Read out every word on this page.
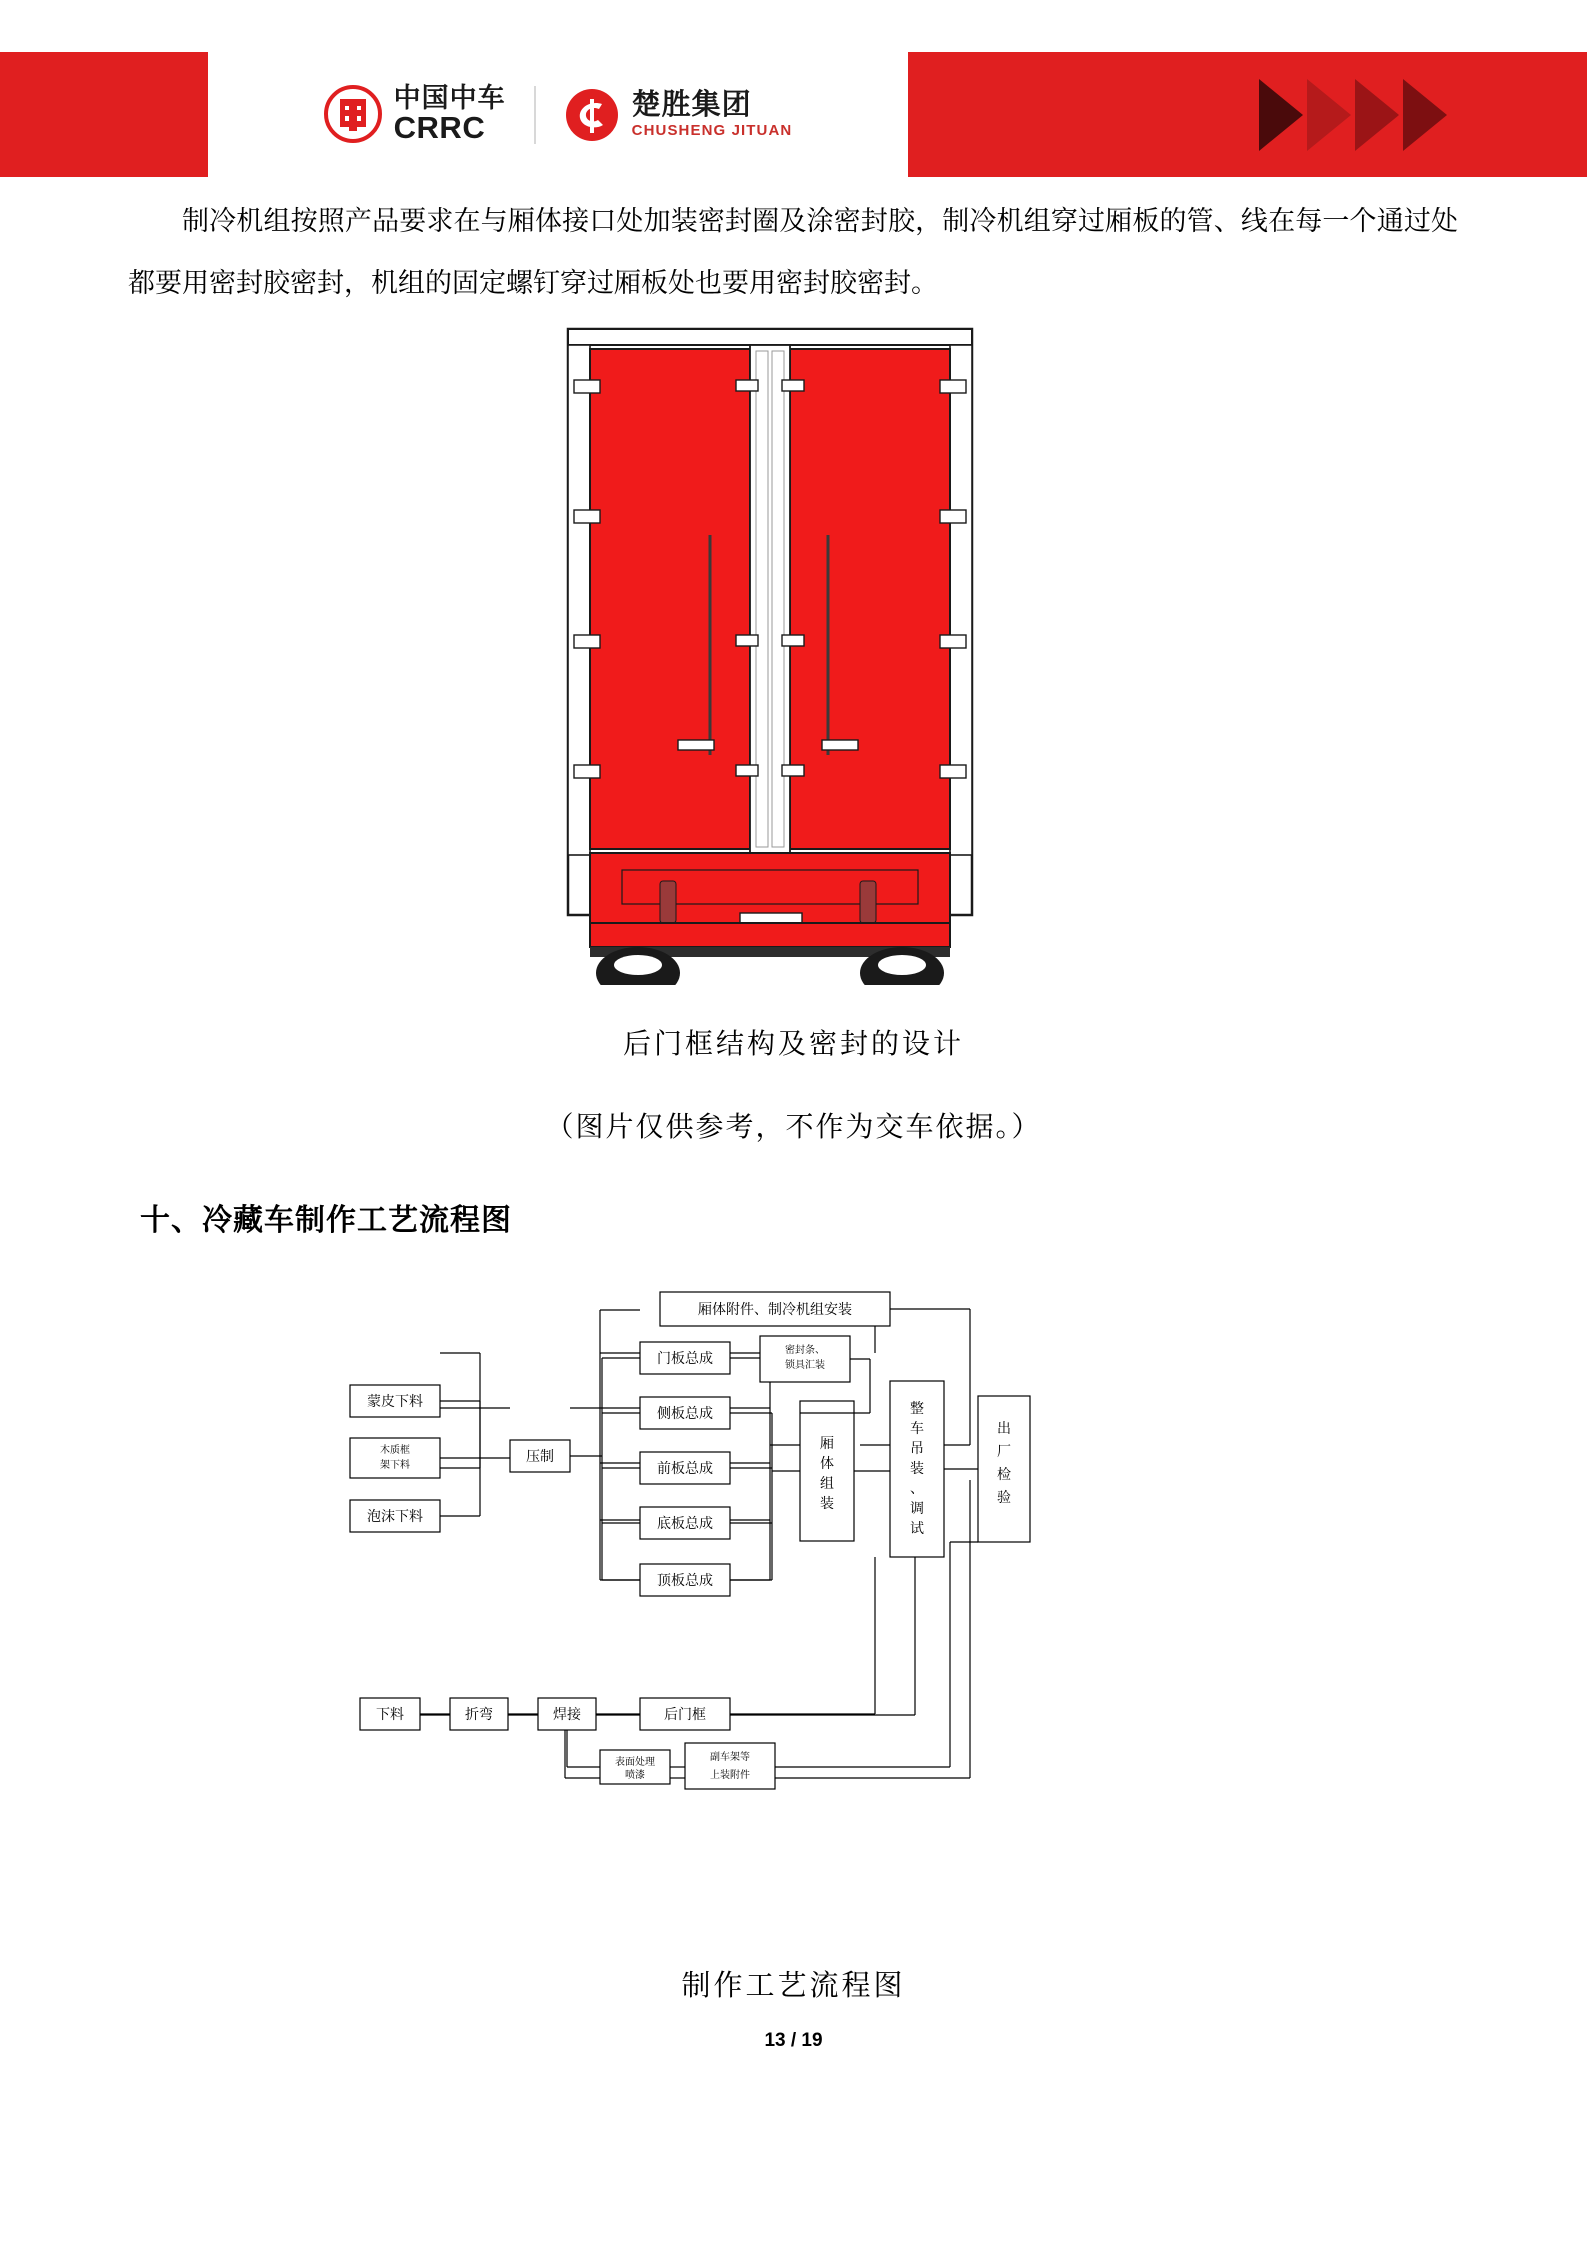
中国中车
CRRC
楚胜集团
CHUSHENG JITUAN
制冷机组按照产品要求在与厢体接口处加装密封圈及涂密封胶，制冷机组穿过厢板的管、线在每一个通过处都要用密封胶密封，机组的固定螺钉穿过厢板处也要用密封胶密封。
后门框结构及密封的设计
（图片仅供参考，不作为交车依据。）
十、冷藏车制作工艺流程图
厢体附件、制冷机组安装
门板总成	密封条、锁具汇装
蒙皮下料
木质框架下料
泡沫下料
压制
侧板总成
前板总成
底板总成
顶板总成
厢
体
组
装
整
车
吊
装
、
调
试
出
厂
检
验
下料	折弯	焊接	后门框
表面处理
喷漆
副车架等
上装附件
制作工艺流程图
13 / 19
